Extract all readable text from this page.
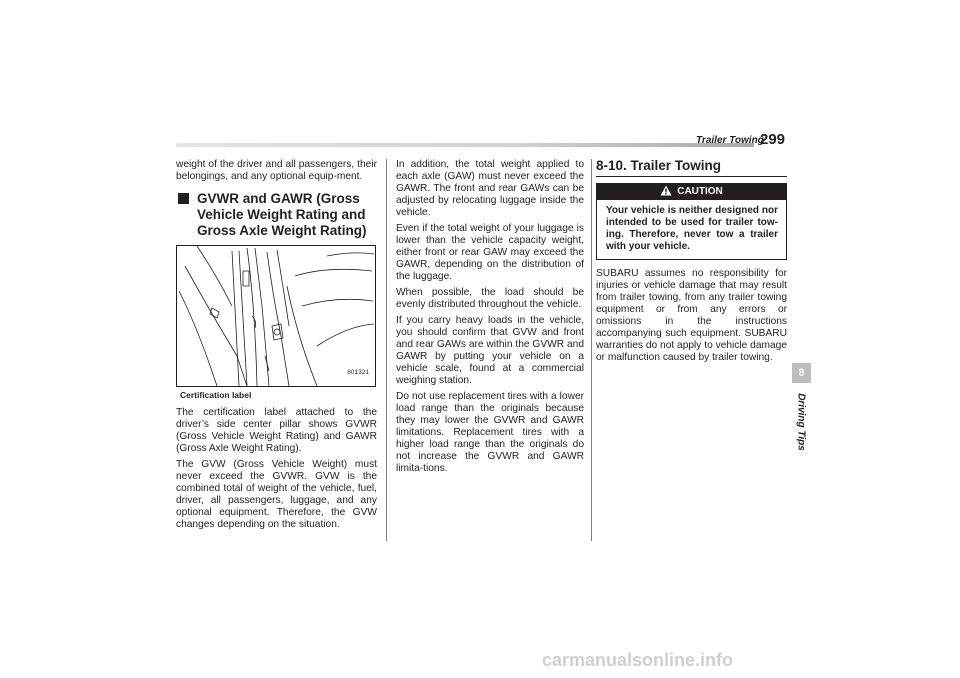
Trailer Towing
299

weight of the driver and all passengers, their belongings, and any optional equip-ment.

GVWR and GAWR (Gross Vehicle Weight Rating and Gross Axle Weight Rating)
801321
Certification label

The certification label attached to the driver’s side center pillar shows GVWR (Gross Vehicle Weight Rating) and GAWR (Gross Axle Weight Rating).

The GVW (Gross Vehicle Weight) must never exceed the GVWR. GVW is the combined total of weight of the vehicle, fuel, driver, all passengers, luggage, and any optional equipment. Therefore, the GVW changes depending on the situation.

In addition, the total weight applied to each axle (GAW) must never exceed the GAWR. The front and rear GAWs can be adjusted by relocating luggage inside the vehicle.

Even if the total weight of your luggage is lower than the vehicle capacity weight, either front or rear GAW may exceed the GAWR, depending on the distribution of the luggage.

When possible, the load should be evenly distributed throughout the vehicle.

If you carry heavy loads in the vehicle, you should confirm that GVW and front and rear GAWs are within the GVWR and GAWR by putting your vehicle on a vehicle scale, found at a commercial weighing station.

Do not use replacement tires with a lower load range than the originals because they may lower the GVWR and GAWR limitations. Replacement tires with a higher load range than the originals do not increase the GVWR and GAWR limita-tions.

8-10. Trailer Towing
CAUTION
Your vehicle is neither designed nor intended to be used for trailer tow-ing. Therefore, never tow a trailer with your vehicle.

SUBARU assumes no responsibility for injuries or vehicle damage that may result from trailer towing, from any trailer towing equipment or from any errors or omissions in the instructions accompanying such equipment. SUBARU warranties do not apply to vehicle damage or malfunction caused by trailer towing.

8
Driving Tips
carmanualsonline.info
